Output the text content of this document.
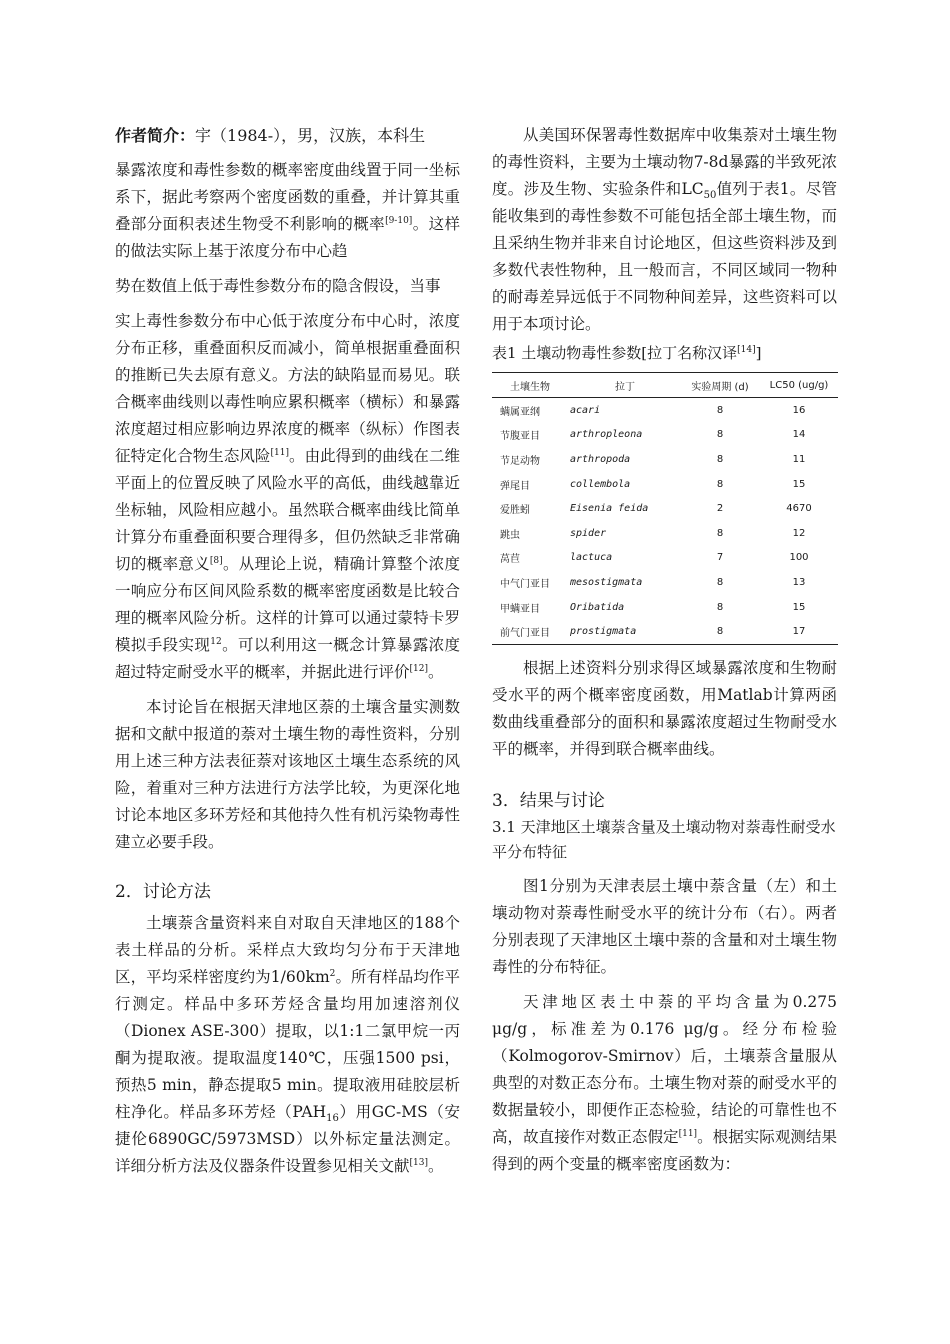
作者简介：宇（1984-），男，汉族，本科生

暴露浓度和毒性参数的概率密度曲线置于同一坐标系下，据此考察两个密度函数的重叠，并计算其重叠部分面积表述生物受不利影响的概率[9-10]。这样的做法实际上基于浓度分布中心趋

势在数值上低于毒性参数分布的隐含假设，当事

实上毒性参数分布中心低于浓度分布中心时，浓度分布正移，重叠面积反而减小，简单根据重叠面积的推断已失去原有意义。方法的缺陷显而易见。联合概率曲线则以毒性响应累积概率（横标）和暴露浓度超过相应影响边界浓度的概率（纵标）作图表征特定化合物生态风险[11]。由此得到的曲线在二维平面上的位置反映了风险水平的高低，曲线越靠近坐标轴，风险相应越小。虽然联合概率曲线比简单计算分布重叠面积要合理得多，但仍然缺乏非常确切的概率意义[8]。从理论上说，精确计算整个浓度一响应分布区间风险系数的概率密度函数是比较合理的概率风险分析。这样的计算可以通过蒙特卡罗模拟手段实现$^{12}$。可以利用这一概念计算暴露浓度超过特定耐受水平的概率，并据此进行评价[12]。

本讨论旨在根据天津地区萘的土壤含量实测数据和文献中报道的萘对土壤生物的毒性资料，分别用上述三种方法表征萘对该地区土壤生态系统的风险，着重对三种方法进行方法学比较，为更深化地讨论本地区多环芳烃和其他持久性有机污染物毒性建立必要手段。

2．讨论方法

土壤萘含量资料来自对取自天津地区的188个表土样品的分析。采样点大致均匀分布于天津地区，平均采样密度约为$1/60km^2$。所有样品均作平行测定。样品中多环芳烃含量均用加速溶剂仪（Dionex ASE-300）提取，以1:1二氯甲烷一丙酮为提取液。提取温度140℃，压强1500 psi，预热5 min，静态提取5 min。提取液用硅胶层析柱净化。样品多环芳烃$(PAH_{16})$用GC-MS（安捷伦6890GC/5973MSD）以外标定量法测定。详细分析方法及仪器条件设置参见相关文献[13]。

从美国环保署毒性数据库中收集萘对土壤生物的毒性资料，主要为土壤动物7-8d暴露的半致死浓度。涉及生物、实验条件和$LC_{50}$值列于表1。尽管能收集到的毒性参数不可能包括全部土壤生物，而且采纳生物并非来自讨论地区，但这些资料涉及到多数代表性物种，且一般而言，不同区域同一物种的耐毒差异远低于不同物种间差异，这些资料可以用于本项讨论。

表1 土壤动物毒性参数[拉丁名称汉译[14]]
土壤生物	拉丁	实验周期 (d)	LC50 (ug/g)
螨属亚纲	acari	8	16
节腹亚目	arthropleona	8	14
节足动物	arthropoda	8	11
弹尾目	collembola	8	15
爱胜蚓	Eisenia feida	2	4670
跳虫	spider	8	12
莴苣	lactuca	7	100
中气门亚目	mesostigmata	8	13
甲螨亚目	Oribatida	8	15
前气门亚目	prostigmata	8	17

根据上述资料分别求得区域暴露浓度和生物耐受水平的两个概率密度函数，用Matlab计算两函数曲线重叠部分的面积和暴露浓度超过生物耐受水平的概率，并得到联合概率曲线。

3．结果与讨论
3.1 天津地区土壤萘含量及土壤动物对萘毒性耐受水平分布特征

图1分别为天津表层土壤中萘含量（左）和土壤动物对萘毒性耐受水平的统计分布（右）。两者分别表现了天津地区土壤中萘的含量和对土壤生物毒性的分布特征。

天津地区表土中萘的平均含量为0.275 μg/g，标准差为0.176 μg/g。经分布检验（Kolmogorov-Smirnov）后，土壤萘含量服从典型的对数正态分布。土壤生物对萘的耐受水平的数据量较小，即便作正态检验，结论的可靠性也不高，故直接作对数正态假定[11]。根据实际观测结果得到的两个变量的概率密度函数为：
